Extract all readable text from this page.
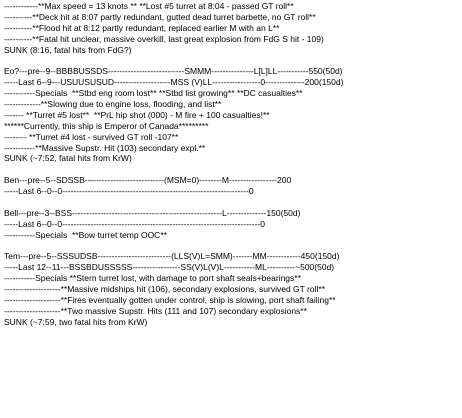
------------**Max speed = 13 knots ** **Lost #5 turret at 8:04 - passed GT roll**
----------**Deck hit at 8:07 partly redundant, gutted dead turret barbette, no GT roll**
----------**Flood hit at 8:12 partly redundant, replaced earlier M with an L**
----------**Fatal hit unclear, massive overkill, last great explosion from FdG S hit - 109)
SUNK (8:16, fatal hits from FdG?)
Eo?---pre--9--BBBBUSSDS---------------------------SMMM---------------L[L]LL-----------550(50d)
-----Last 6--9---USUUSUSUD--------------------MSS (V)LL-----------------0--------------200(150d)
-----------Specials  **Stbd eng room lost** **Stbd list growing** **DC casualties**
-------------**Slowing due to engine loss, flooding, and list**
------- **Turret #5 lost**  **PrL hip shot (000) - M fire + 100 casualties!**
******Currently, this ship is Emperor of Canada*********
-------- **Turret #4 lost - survived GT roll -107**
-----------**Massive Supstr. Hit (103) secondary expl.**
SUNK (~7:52, fatal hits from KrW)
Ben---pre--5--SDSSB----------------------------(MSM=0)--------M-----------------200
-----Last 6--0--0------------------------------------------------------------------0
Bell---pre--3--BSS-----------------------------------------------------L--------------150(50d)
-----Last 6--0--0----------------------------------------------------------------------0
-----------Specials  **Bow turret temp OOC**
Tem---pre--5--SSSUDSB--------------------------(LLS(V)L=SMM)-------MM------------450(150d)
-----Last 12--11---BSSBDUSSSSS-----------------SS(V)L(V)L-----------ML----------~500(50d)
-----------Specials **Stern turret lost, with damage to port shaft seals+bearings**
--------------------**Massive midships hit (106), secondary explosions, survived GT roll**
--------------------**Fires eventually gotten under control, ship is slowing, port shaft failing**
--------------------**Two massive Supstr. Hits (111 and 107) secondary explosions**
SUNK (~7:59, two fatal hits from KrW)
